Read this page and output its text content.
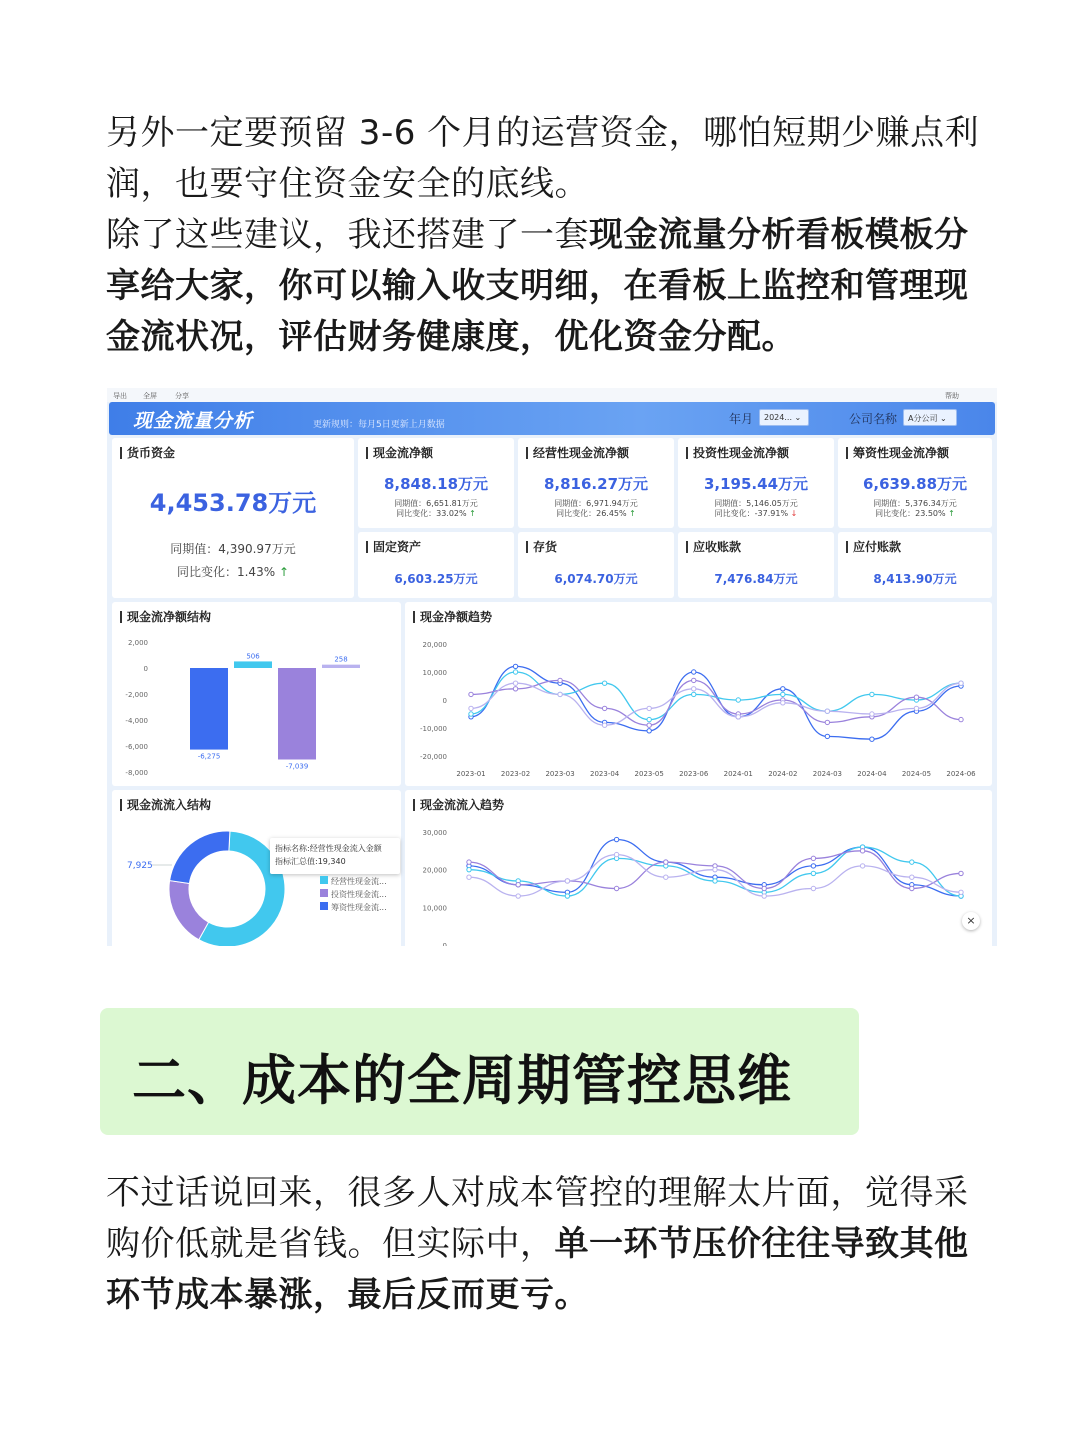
另外一定要预留 3-6 个月的运营资金，哪怕短期少赚点利润，也要守住资金安全的底线。
除了这些建议，我还搭建了一套现金流量分析看板模板分享给大家，你可以输入收支明细，在看板上监控和管理现金流状况，评估财务健康度，优化资金分配。
导出 全屏	分享	帮助
现金流量分析	更新规则：每月5日更新上月数据	年月	2024... ⌄	公司名称	A分公司 ⌄
货币资金
4,453.78万元
同期值：4,390.97万元
同比变化：1.43% ↑
现金流净额
8,848.18万元
同期值：6,651.81万元
同比变化：33.02% ↑
经营性现金流净额
8,816.27万元
同期值：6,971.94万元
同比变化：26.45% ↑
投资性现金流净额
3,195.44万元
同期值：5,146.05万元
同比变化：-37.91% ↓
筹资性现金流净额
6,639.88万元
同期值：5,376.34万元
同比变化：23.50% ↑
固定资产
6,603.25万元
存货
6,074.70万元
应收账款
7,476.84万元
应付账款
8,413.90万元
现金流净额结构
2,000
0
-2,000
-4,000
-6,000
-8,000
-6,275
506
-7,039
258
现金净额趋势
20,000
10,000
0
-10,000
-20,000
2023-01 2023-02 2023-03 2023-04 2023-05 2023-06 2024-01 2024-02 2024-03 2024-04 2024-05 2024-06
现金流流入结构
7,925
指标名称:经营性现金流入金额
指标汇总值:19,340
经营性现金流...
投资性现金流...
筹资性现金流...
现金流流入趋势
30,000
20,000
10,000
0
×
二、成本的全周期管控思维
不过话说回来，很多人对成本管控的理解太片面，觉得采购价低就是省钱。但实际中，单一环节压价往往导致其他环节成本暴涨，最后反而更亏。
